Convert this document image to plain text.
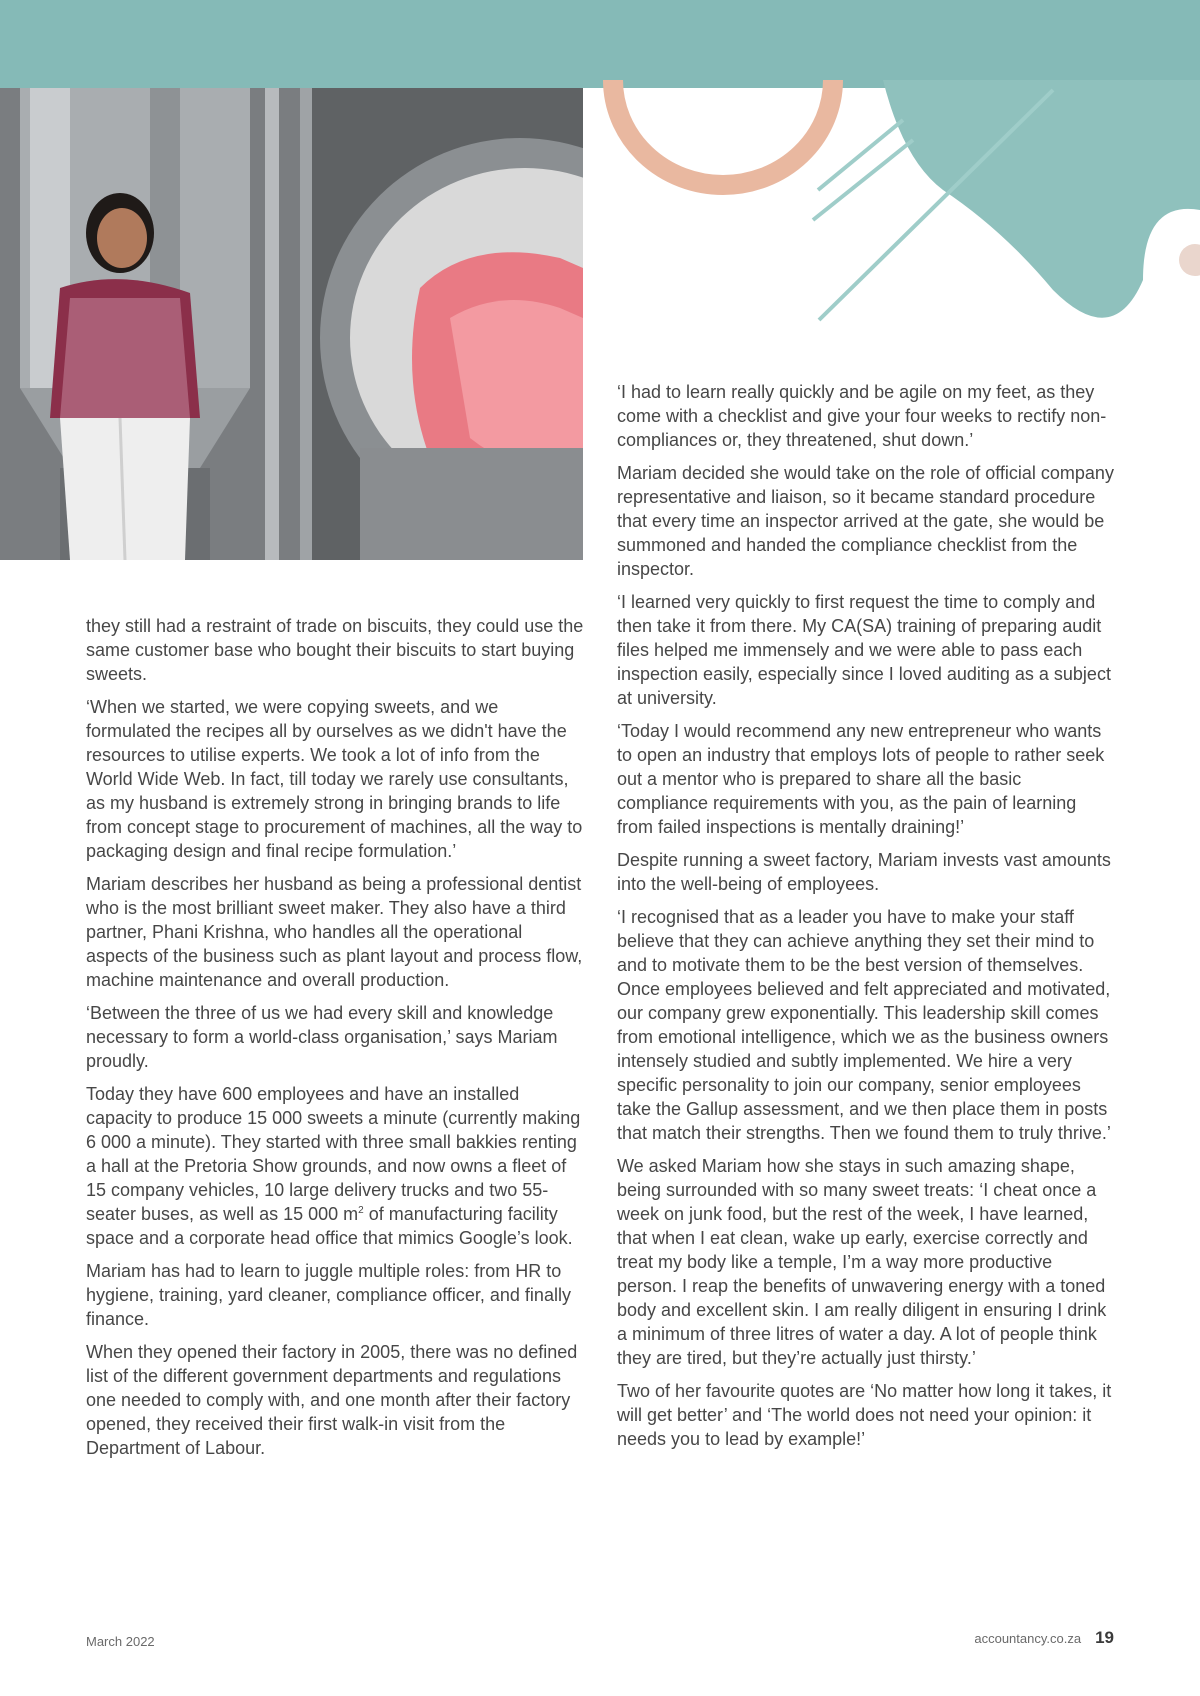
they still had a restraint of trade on biscuits, they could use the same customer base who bought their biscuits to start buying sweets.

‘When we started, we were copying sweets, and we formulated the recipes all by ourselves as we didn't have the resources to utilise experts. We took a lot of info from the World Wide Web. In fact, till today we rarely use consultants, as my husband is extremely strong in bringing brands to life from concept stage to procurement of machines, all the way to packaging design and final recipe formulation.’

Mariam describes her husband as being a professional dentist who is the most brilliant sweet maker. They also have a third partner, Phani Krishna, who handles all the operational aspects of the business such as plant layout and process flow, machine maintenance and overall production.

‘Between the three of us we had every skill and knowledge necessary to form a world-class organisation,’ says Mariam proudly.

Today they have 600 employees and have an installed capacity to produce 15 000 sweets a minute (currently making 6 000 a minute). They started with three small bakkies renting a hall at the Pretoria Show grounds, and now owns a fleet of 15 company vehicles, 10 large delivery trucks and two 55-seater buses, as well as 15 000 $m^2$ of manufacturing facility space and a corporate head office that mimics Google’s look.

Mariam has had to learn to juggle multiple roles: from HR to hygiene, training, yard cleaner, compliance officer, and finally finance.

When they opened their factory in 2005, there was no defined list of the different government departments and regulations one needed to comply with, and one month after their factory opened, they received their first walk-in visit from the Department of Labour.

‘I had to learn really quickly and be agile on my feet, as they come with a checklist and give your four weeks to rectify non-compliances or, they threatened, shut down.’

Mariam decided she would take on the role of official company representative and liaison, so it became standard procedure that every time an inspector arrived at the gate, she would be summoned and handed the compliance checklist from the inspector.

‘I learned very quickly to first request the time to comply and then take it from there. My CA(SA) training of preparing audit files helped me immensely and we were able to pass each inspection easily, especially since I loved auditing as a subject at university.

‘Today I would recommend any new entrepreneur who wants to open an industry that employs lots of people to rather seek out a mentor who is prepared to share all the basic compliance requirements with you, as the pain of learning from failed inspections is mentally draining!’

Despite running a sweet factory, Mariam invests vast amounts into the well-being of employees.

‘I recognised that as a leader you have to make your staff believe that they can achieve anything they set their mind to and to motivate them to be the best version of themselves. Once employees believed and felt appreciated and motivated, our company grew exponentially. This leadership skill comes from emotional intelligence, which we as the business owners intensely studied and subtly implemented. We hire a very specific personality to join our company, senior employees take the Gallup assessment, and we then place them in posts that match their strengths. Then we found them to truly thrive.’

We asked Mariam how she stays in such amazing shape, being surrounded with so many sweet treats: ‘I cheat once a week on junk food, but the rest of the week, I have learned, that when I eat clean, wake up early, exercise correctly and treat my body like a temple, I’m a way more productive person. I reap the benefits of unwavering energy with a toned body and excellent skin. I am really diligent in ensuring I drink a minimum of three litres of water a day. A lot of people think they are tired, but they’re actually just thirsty.’

Two of her favourite quotes are ‘No matter how long it takes, it will get better’ and ‘The world does not need your opinion: it needs you to lead by example!’

March 2022	accountancy.co.za 19
